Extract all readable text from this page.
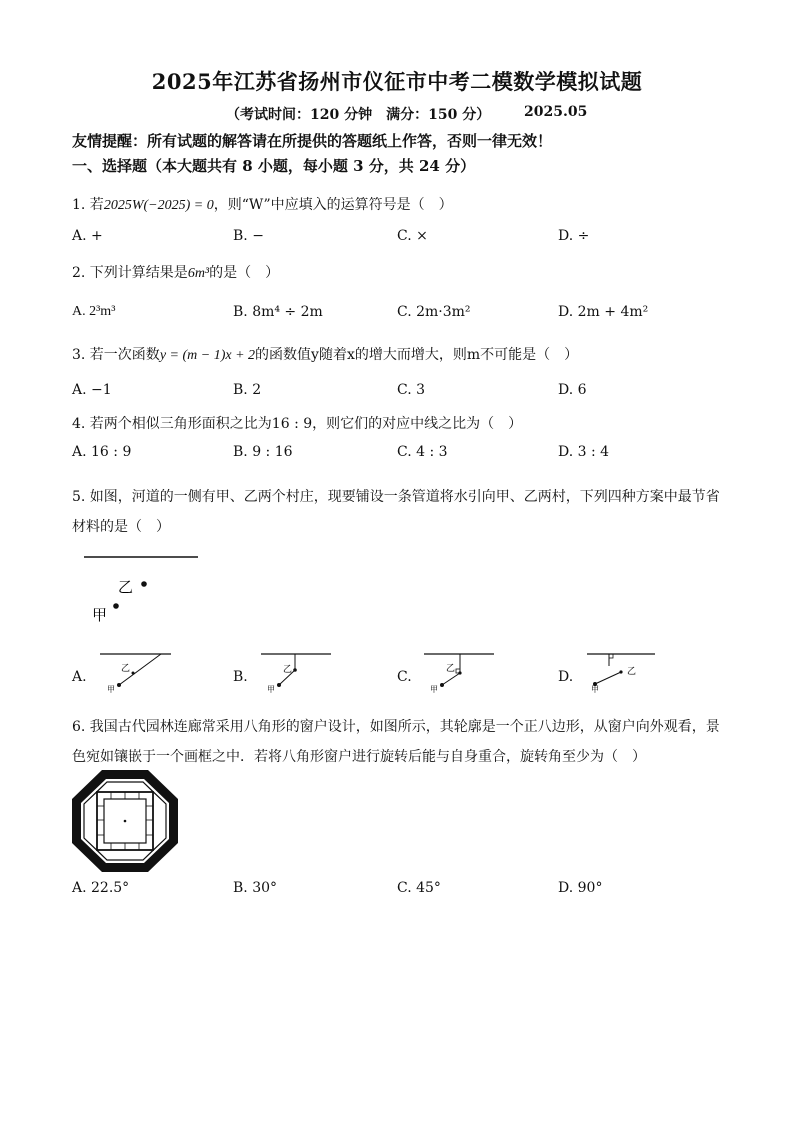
2025年江苏省扬州市仪征市中考二模数学模拟试题
（考试时间：120 分钟　满分：150 分） 2025.05
友情提醒：所有试题的解答请在所提供的答题纸上作答，否则一律无效！
一、选择题（本大题共有 8 小题，每小题 3 分，共 24 分）
1. 若2025W(−2025) = 0，则“W”中应填入的运算符号是（　）
A. +	B. −	C. ×	D. ÷
2. 下列计算结果是6m³的是（　）
A. 2³m³	B. 8m⁴ ÷ 2m	C. 2m·3m²	D. 2m + 4m²
3. 若一次函数y = (m − 1)x + 2的函数值y随着x的增大而增大，则m不可能是（　）
A. −1	B. 2	C. 3	D. 6
4. 若两个相似三角形面积之比为16 : 9，则它们的对应中线之比为（　）
A. 16 : 9	B. 9 : 16	C. 4 : 3	D. 3 : 4
5. 如图，河道的一侧有甲、乙两个村庄，现要铺设一条管道将水引向甲、乙两村，下列四种方案中最节省
材料的是（　）
乙
甲
A.	B.	C.	D.
乙
甲
乙
甲
乙
甲
乙
甲
6. 我国古代园林连廊常采用八角形的窗户设计，如图所示，其轮廓是一个正八边形，从窗户向外观看，景
色宛如镶嵌于一个画框之中．若将八角形窗户进行旋转后能与自身重合，旋转角至少为（　）
A. 22.5°	B. 30°	C. 45°	D. 90°
